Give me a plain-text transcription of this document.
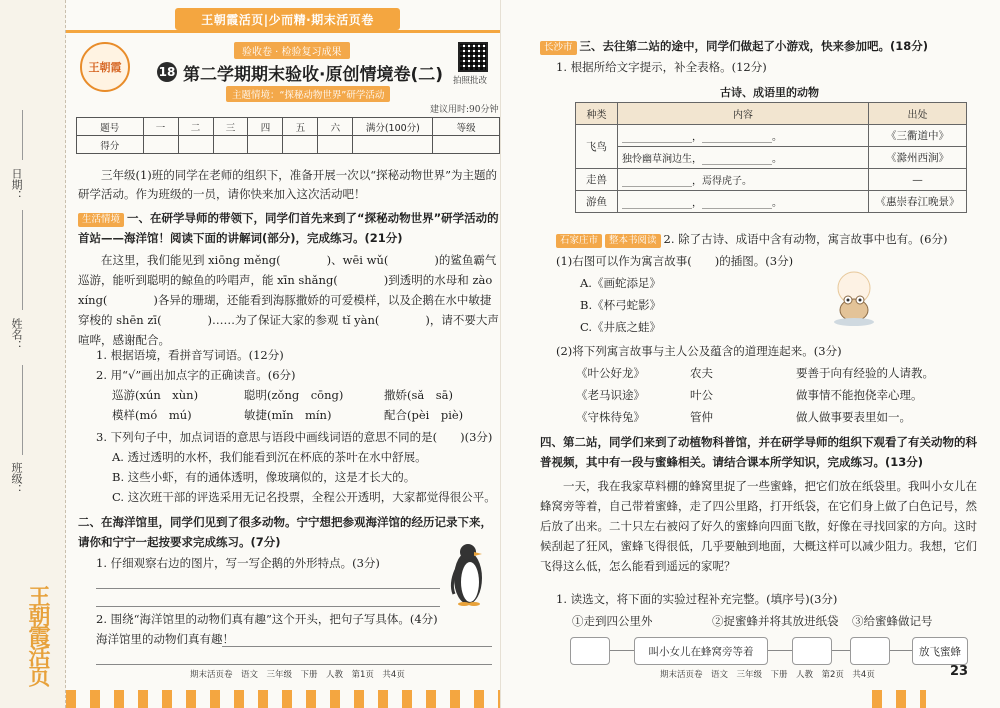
日期：
姓名：
班级：
王朝霞活页
王朝霞活页|少而精·期末活页卷
王朝霞
验收卷 · 检验复习成果
18 第二学期期末验收·原创情境卷(二)
主题情境：“探秘动物世界”研学活动
拍照批改
建议用时:90分钟
题号	一	二	三	四	五	六	满分(100分)	等级
得分								
三年级(1)班的同学在老师的组织下，准备开展一次以“探秘动物世界”为主题的研学活动。作为班级的一员，请你快来加入这次活动吧！
生活情境 一、在研学导师的带领下，同学们首先来到了“探秘动物世界”研学活动的首站——海洋馆！阅读下面的讲解词(部分)，完成练习。(21分)
在这里，我们能见到 xiōng měng(　　　　)、wēi wǔ(　　　　)的鲨鱼霸气巡游，能听到聪明的鲸鱼的吟唱声，能 xīn shǎng(　　　　)到透明的水母和 zào xíng(　　　　)各异的珊瑚，还能看到海豚撒娇的可爱模样，以及企鹅在水中敏捷穿梭的 shēn zī(　　　　)……为了保证大家的参观 tǐ yàn(　　　　)，请不要大声喧哗，感谢配合。
1. 根据语境，看拼音写词语。(12分)
2. 用“√”画出加点字的正确读音。(6分)
巡游(xún　xùn)	聪明(zǒng　cōng)	撒娇(sǎ　sā)
模样(mó　mú)	敏捷(mǐn　mín)	配合(pèi　piè)
3. 下列句子中，加点词语的意思与语段中画线词语的意思不同的是(　　)(3分)
A. 透过透明的水杯，我们能看到沉在杯底的茶叶在水中舒展。
B. 这些小虾，有的通体透明，像玻璃似的，这是才长大的。
C. 这次班干部的评选采用无记名投票，全程公开透明，大家都觉得很公平。
二、在海洋馆里，同学们见到了很多动物。宁宁想把参观海洋馆的经历记录下来，请你和宁宁一起按要求完成练习。(7分)
1. 仔细观察右边的图片，写一写企鹅的外形特点。(3分)
2. 围绕“海洋馆里的动物们真有趣”这个开头，把句子写具体。(4分)
海洋馆里的动物们真有趣！
期末活页卷　语文　三年级　下册　人教　第1页　共4页
长沙市 三、去往第二站的途中，同学们做起了小游戏，快来参加吧。(18分)
1. 根据所给文字提示，补全表格。(12分)
古诗、成语里的动物
种类	内容	出处
飞鸟	______________，______________。	《三衢道中》
	独怜幽草涧边生，______________。	《滁州西涧》
走兽	______________，焉得虎子。	—
游鱼	______________，______________。	《惠崇春江晚景》
石家庄市 整本书阅读 2. 除了古诗、成语中含有动物，寓言故事中也有。(6分)
(1)右图可以作为寓言故事(　　)的插图。(3分)
A.《画蛇添足》
B.《杯弓蛇影》
C.《井底之蛙》
(2)将下列寓言故事与主人公及蕴含的道理连起来。(3分)
《叶公好龙》	农夫	要善于向有经验的人请教。
《老马识途》	叶公	做事情不能抱侥幸心理。
《守株待兔》	管仲	做人做事要表里如一。
四、第二站，同学们来到了动植物科普馆，并在研学导师的组织下观看了有关动物的科普视频，其中有一段与蜜蜂相关。请结合课本所学知识，完成练习。(13分)
一天，我在我家草料棚的蜂窝里捉了一些蜜蜂，把它们放在纸袋里。我叫小女儿在蜂窝旁等着，自己带着蜜蜂，走了四公里路，打开纸袋，在它们身上做了白色记号，然后放了出来。二十只左右被闷了好久的蜜蜂向四面飞散，好像在寻找回家的方向。这时候刮起了狂风，蜜蜂飞得很低，几乎要触到地面，大概这样可以减少阻力。我想，它们飞得这么低，怎么能看到遥远的家呢？
1. 读选文，将下面的实验过程补充完整。(填序号)(3分)
①走到四公里外	②捉蜜蜂并将其放进纸袋 ③给蜜蜂做记号
叫小女儿在蜂窝旁等着	放飞蜜蜂
期末活页卷　语文　三年级　下册　人教　第2页　共4页	23
